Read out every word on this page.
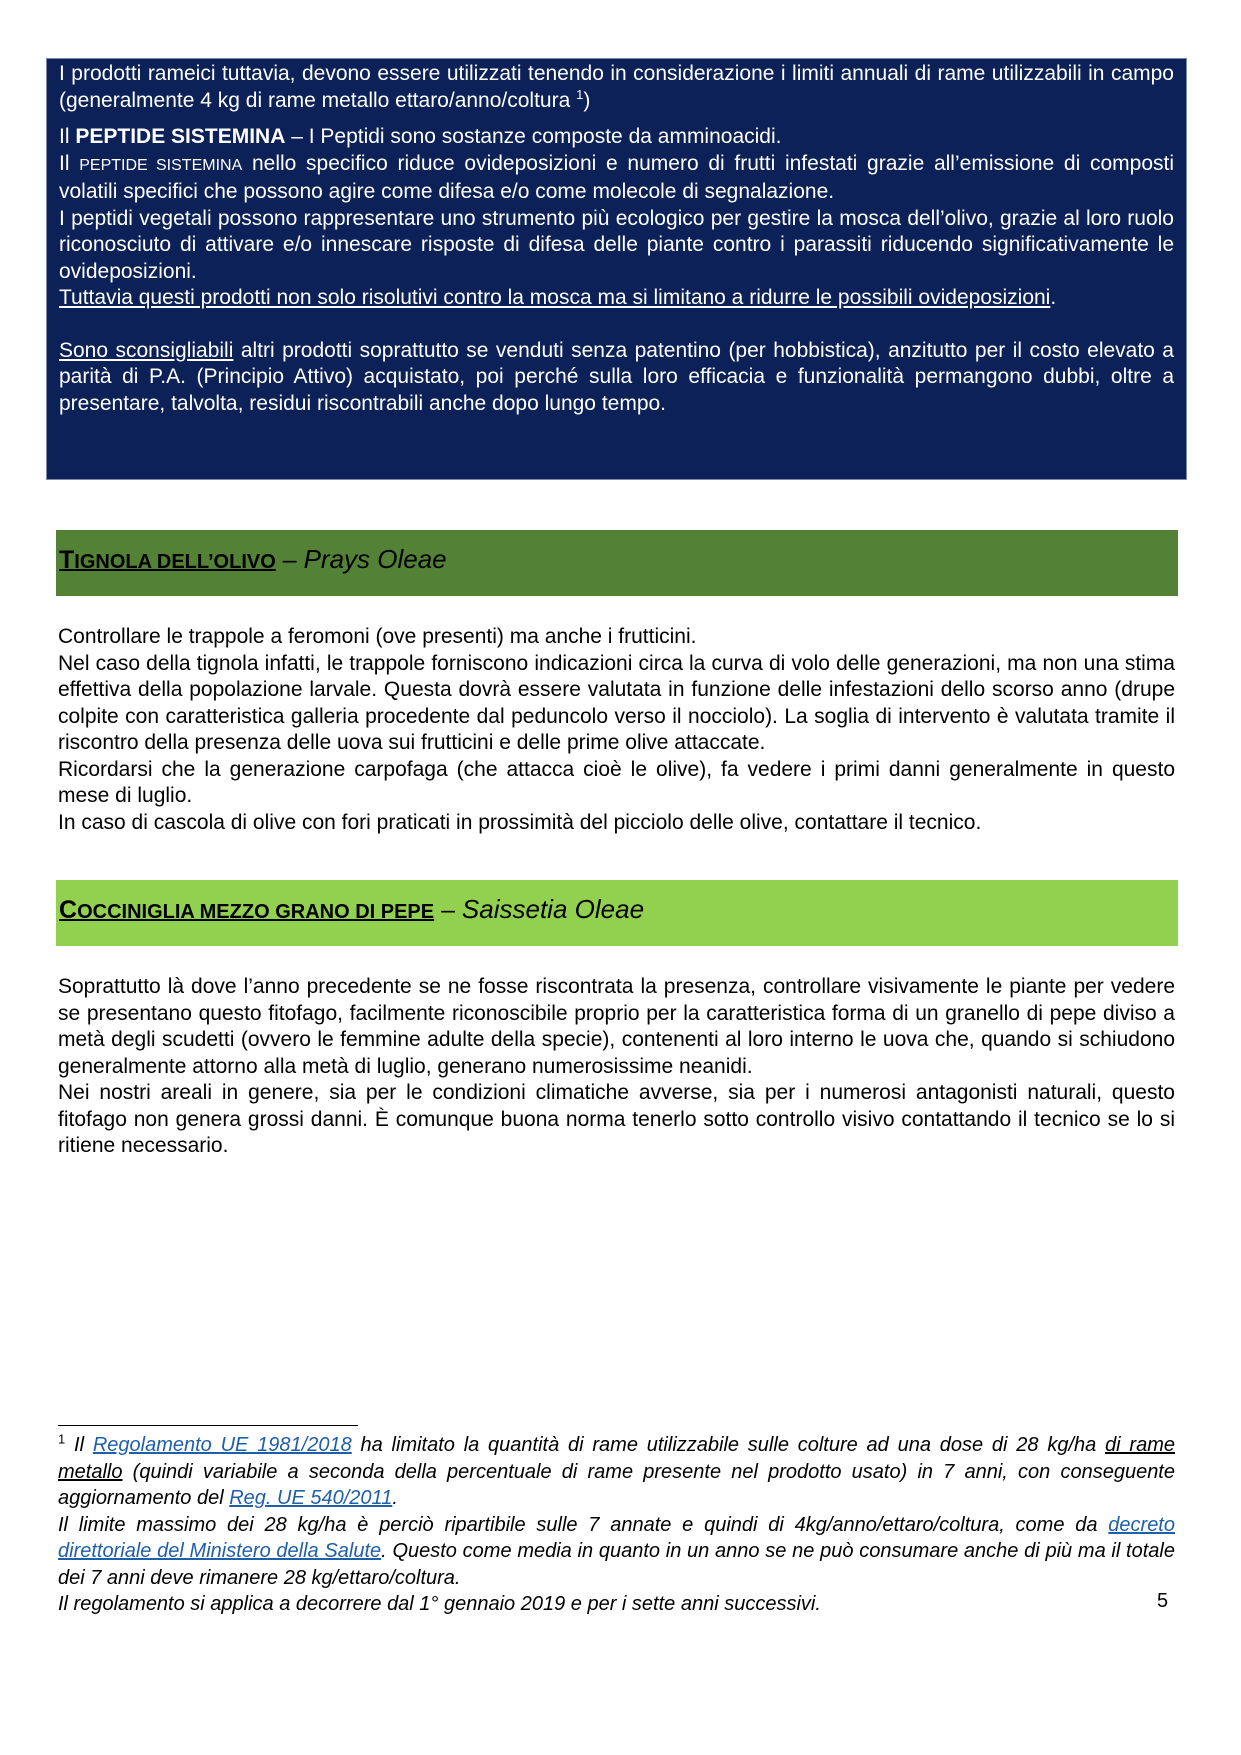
I prodotti rameici tuttavia, devono essere utilizzati tenendo in considerazione i limiti annuali di rame utilizzabili in campo (generalmente 4 kg di rame metallo ettaro/anno/coltura $^1$)

Il PEPTIDE SISTEMINA – I Peptidi sono sostanze composte da amminoacidi.

Il PEPTIDE SISTEMINA nello specifico riduce ovideposizioni e numero di frutti infestati grazie all’emissione di composti volatili specifici che possono agire come difesa e/o come molecole di segnalazione.

I peptidi vegetali possono rappresentare uno strumento più ecologico per gestire la mosca dell’olivo, grazie al loro ruolo riconosciuto di attivare e/o innescare risposte di difesa delle piante contro i parassiti riducendo significativamente le ovideposizioni.

Tuttavia questi prodotti non solo risolutivi contro la mosca ma si limitano a ridurre le possibili ovideposizioni.

Sono sconsigliabili altri prodotti soprattutto se venduti senza patentino (per hobbistica), anzitutto per il costo elevato a parità di P.A. (Principio Attivo) acquistato, poi perché sulla loro efficacia e funzionalità permangono dubbi, oltre a presentare, talvolta, residui riscontrabili anche dopo lungo tempo.

TIGNOLA DELL’OLIVO – Prays Oleae

Controllare le trappole a feromoni (ove presenti) ma anche i frutticini.

Nel caso della tignola infatti, le trappole forniscono indicazioni circa la curva di volo delle generazioni, ma non una stima effettiva della popolazione larvale. Questa dovrà essere valutata in funzione delle infestazioni dello scorso anno (drupe colpite con caratteristica galleria procedente dal peduncolo verso il nocciolo). La soglia di intervento è valutata tramite il riscontro della presenza delle uova sui frutticini e delle prime olive attaccate.

Ricordarsi che la generazione carpofaga (che attacca cioè le olive), fa vedere i primi danni generalmente in questo mese di luglio.

In caso di cascola di olive con fori praticati in prossimità del picciolo delle olive, contattare il tecnico.

COCCINIGLIA MEZZO GRANO DI PEPE – Saissetia Oleae

Soprattutto là dove l’anno precedente se ne fosse riscontrata la presenza, controllare visivamente le piante per vedere se presentano questo fitofago, facilmente riconoscibile proprio per la caratteristica forma di un granello di pepe diviso a metà degli scudetti (ovvero le femmine adulte della specie), contenenti al loro interno le uova che, quando si schiudono generalmente attorno alla metà di luglio, generano numerosissime neanidi.

Nei nostri areali in genere, sia per le condizioni climatiche avverse, sia per i numerosi antagonisti naturali, questo fitofago non genera grossi danni. È comunque buona norma tenerlo sotto controllo visivo contattando il tecnico se lo si ritiene necessario.

$^1$ Il Regolamento UE 1981/2018 ha limitato la quantità di rame utilizzabile sulle colture ad una dose di 28 kg/ha di rame metallo (quindi variabile a seconda della percentuale di rame presente nel prodotto usato) in 7 anni, con conseguente aggiornamento del Reg. UE 540/2011.

Il limite massimo dei 28 kg/ha è perciò ripartibile sulle 7 annate e quindi di 4kg/anno/ettaro/coltura, come da decreto direttoriale del Ministero della Salute. Questo come media in quanto in un anno se ne può consumare anche di più ma il totale dei 7 anni deve rimanere 28 kg/ettaro/coltura.

Il regolamento si applica a decorrere dal 1° gennaio 2019 e per i sette anni successivi.	5
